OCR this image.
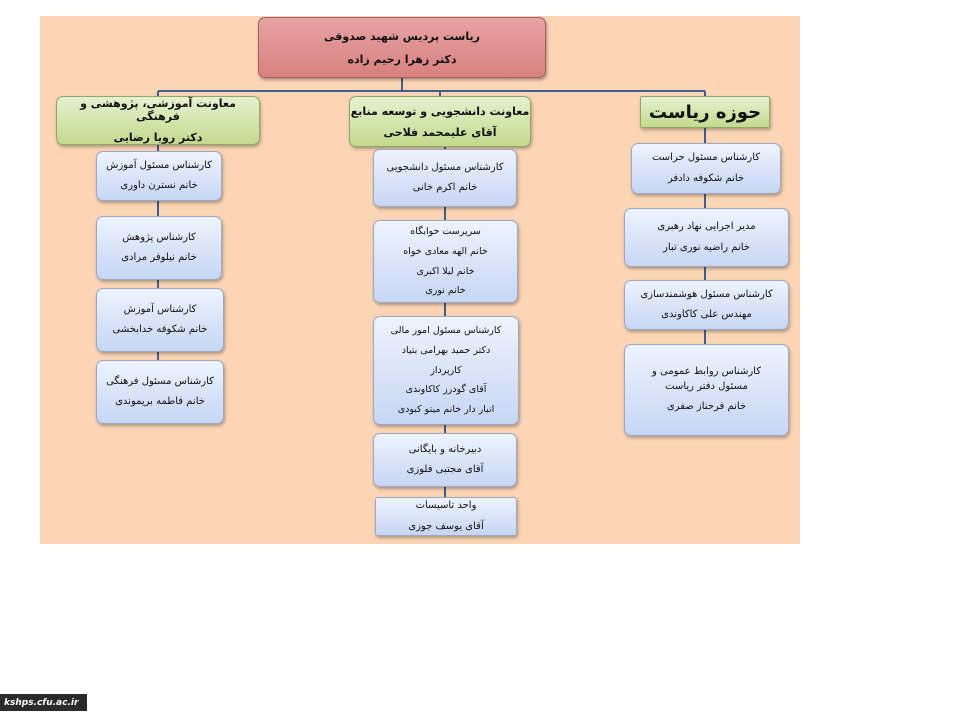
ریاست پردیس شهید صدوقی
دکتر زهرا رحیم زاده
معاونت آموزشی، پژوهشی و فرهنگی
دکتر رویا رضایی
معاونت دانشجویی و توسعه منابع
آقای علیمحمد فلاحی
حوزه ریاست
کارشناس مسئول آموزش
خانم نسترن داوری
کارشناس پژوهش
خانم نیلوفر مرادی
کارشناس آموزش
خانم شکوفه خدابخشی
کارشناس مسئول فرهنگی
خانم فاطمه بریموندی
کارشناس مسئول دانشجویی
خانم اکرم خانی
سرپرست خوابگاه
خانم الهه معادی خواه
خانم لیلا اکبری
خانم نوری
کارشناس مسئول امور مالی
دکتر حمید بهرامی بتیاد
کارپرداز
آقای گودرز کاکاوندی
انبار دار خانم میتو کبودی
دبیرخانه و بایگانی
آقای مجتبی فلوزی
واحد تاسیسات
آقای یوسف جوزی
کارشناس مسئول حراست
خانم شکوفه دادفر
مدیر اجرایی نهاد رهبری
خانم راضیه نوری تبار
کارشناس مسئول هوشمندسازی
مهندس علی کاکاوندی
کارشناس روابط عمومی و مسئول دفتر ریاست
خانم فرحناز صفری
kshps.cfu.ac.ir
